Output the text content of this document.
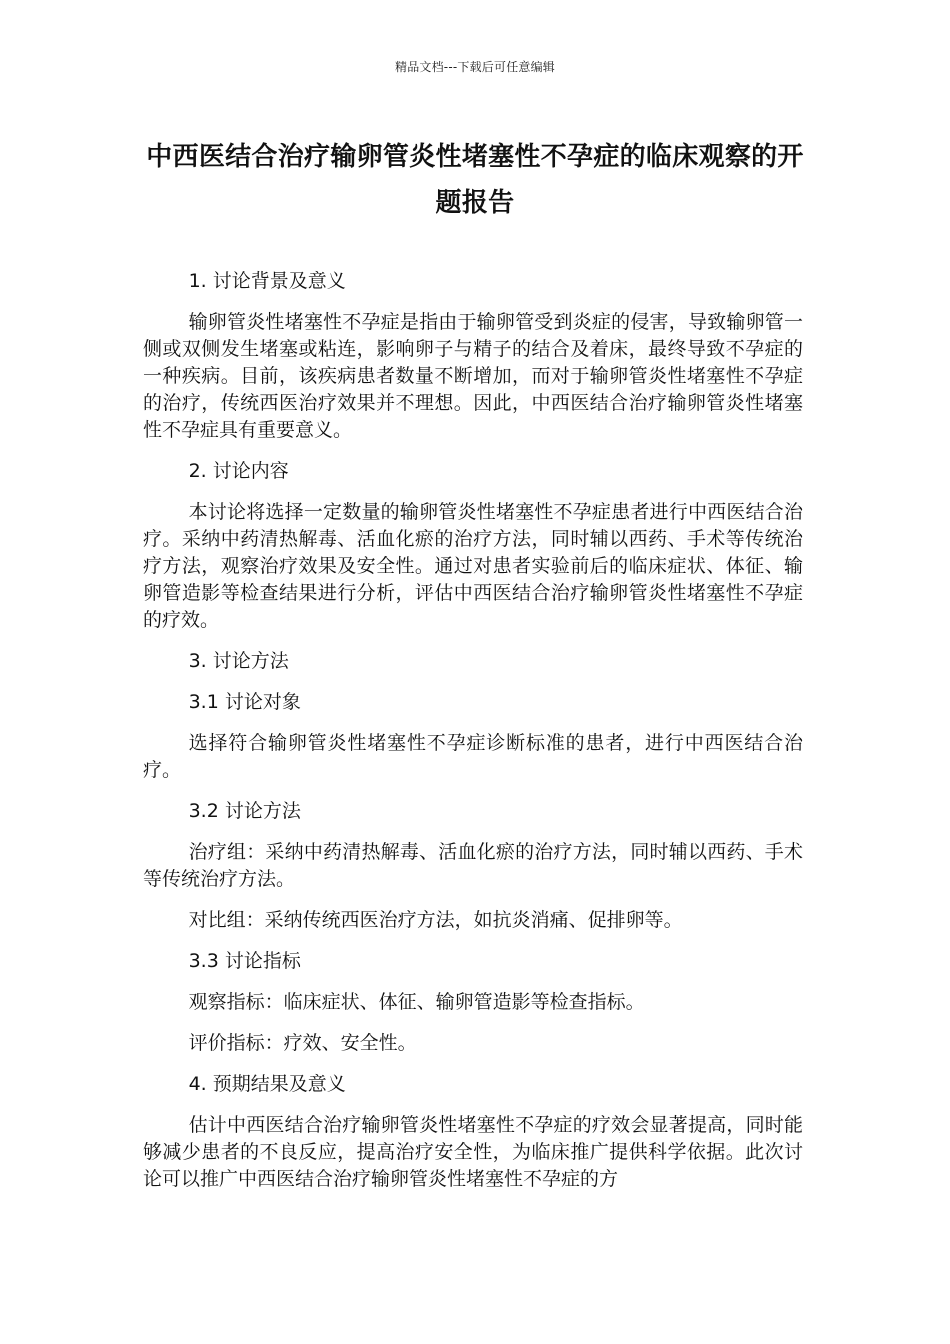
精品文档---下载后可任意编辑
中西医结合治疗输卵管炎性堵塞性不孕症的临床观察的开题报告

1. 讨论背景及意义

输卵管炎性堵塞性不孕症是指由于输卵管受到炎症的侵害，导致输卵管一侧或双侧发生堵塞或粘连，影响卵子与精子的结合及着床，最终导致不孕症的一种疾病。目前，该疾病患者数量不断增加，而对于输卵管炎性堵塞性不孕症的治疗，传统西医治疗效果并不理想。因此，中西医结合治疗输卵管炎性堵塞性不孕症具有重要意义。

2. 讨论内容

本讨论将选择一定数量的输卵管炎性堵塞性不孕症患者进行中西医结合治疗。采纳中药清热解毒、活血化瘀的治疗方法，同时辅以西药、手术等传统治疗方法，观察治疗效果及安全性。通过对患者实验前后的临床症状、体征、输卵管造影等检查结果进行分析，评估中西医结合治疗输卵管炎性堵塞性不孕症的疗效。

3. 讨论方法

3.1 讨论对象

选择符合输卵管炎性堵塞性不孕症诊断标准的患者，进行中西医结合治疗。

3.2 讨论方法

治疗组：采纳中药清热解毒、活血化瘀的治疗方法，同时辅以西药、手术等传统治疗方法。

对比组：采纳传统西医治疗方法，如抗炎消痛、促排卵等。

3.3 讨论指标

观察指标：临床症状、体征、输卵管造影等检查指标。

评价指标：疗效、安全性。

4. 预期结果及意义

估计中西医结合治疗输卵管炎性堵塞性不孕症的疗效会显著提高，同时能够减少患者的不良反应，提高治疗安全性，为临床推广提供科学依据。此次讨论可以推广中西医结合治疗输卵管炎性堵塞性不孕症的方
